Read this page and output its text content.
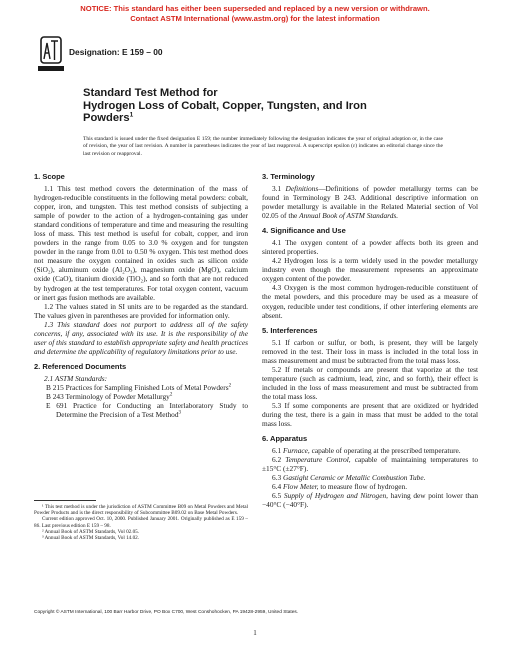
NOTICE: This standard has either been superseded and replaced by a new version or withdrawn.
Contact ASTM International (www.astm.org) for the latest information
Designation: E 159 – 00
Standard Test Method for
Hydrogen Loss of Cobalt, Copper, Tungsten, and Iron
Powders$^1$
This standard is issued under the fixed designation E 159; the number immediately following the designation indicates the year of original adoption or, in the case of revision, the year of last revision. A number in parentheses indicates the year of last reapproval. A superscript epsilon (ε) indicates an editorial change since the last revision or reapproval.
1. Scope

1.1 This test method covers the determination of the mass of hydrogen-reducible constituents in the following metal powders: cobalt, copper, iron, and tungsten. This test method consists of subjecting a sample of powder to the action of a hydrogen-containing gas under standard conditions of temperature and time and measuring the resulting loss of mass. This test method is useful for cobalt, copper, and iron powders in the range from 0.05 to 3.0 % oxygen and for tungsten powder in the range from 0.01 to 0.50 % oxygen. This test method does not measure the oxygen contained in oxides such as silicon oxide (SiO₂), aluminum oxide (Al₂O₃), magnesium oxide (MgO), calcium oxide (CaO), titanium dioxide (TiO₂), and so forth that are not reduced by hydrogen at the test temperatures. For total oxygen content, vacuum or inert gas fusion methods are available.

1.2 The values stated in SI units are to be regarded as the standard. The values given in parentheses are provided for information only.

1.3 This standard does not purport to address all of the safety concerns, if any, associated with its use. It is the responsibility of the user of this standard to establish appropriate safety and health practices and determine the applicability of regulatory limitations prior to use.

2. Referenced Documents

2.1 ASTM Standards:

B 215 Practices for Sampling Finished Lots of Metal Powders$^2$

B 243 Terminology of Powder Metallurgy$^2$

E 691 Practice for Conducting an Interlaboratory Study to Determine the Precision of a Test Method$^3$

¹ This test method is under the jurisdiction of ASTM Committee B09 on Metal Powders and Metal Powder Products and is the direct responsibility of Subcommittee B09.02 on Base Metal Powders.

Current edition approved Oct. 10, 2000. Published January 2001. Originally published as E 159 – 86. Last previous edition E 159 – 98.

² Annual Book of ASTM Standards, Vol 02.05.

³ Annual Book of ASTM Standards, Vol 14.02.

3. Terminology

3.1 Definitions—Definitions of powder metallurgy terms can be found in Terminology B 243. Additional descriptive information on powder metallurgy is available in the Related Material section of Vol 02.05 of the Annual Book of ASTM Standards.

4. Significance and Use

4.1 The oxygen content of a powder affects both its green and sintered properties.

4.2 Hydrogen loss is a term widely used in the powder metallurgy industry even though the measurement represents an approximate oxygen content of the powder.

4.3 Oxygen is the most common hydrogen-reducible constituent of the metal powders, and this procedure may be used as a measure of oxygen, reducible under test conditions, if other interfering elements are absent.

5. Interferences

5.1 If carbon or sulfur, or both, is present, they will be largely removed in the test. Their loss in mass is included in the total loss in mass measurement and must be subtracted from the total mass loss.

5.2 If metals or compounds are present that vaporize at the test temperature (such as cadmium, lead, zinc, and so forth), their effect is included in the loss of mass measurement and must be subtracted from the total mass loss.

5.3 If some components are present that are oxidized or hydrided during the test, there is a gain in mass that must be added to the total mass loss.

6. Apparatus

6.1 Furnace, capable of operating at the prescribed temperature.

6.2 Temperature Control, capable of maintaining temperatures to ±15°C (±27°F).

6.3 Gastight Ceramic or Metallic Combustion Tube.

6.4 Flow Meter, to measure flow of hydrogen.

6.5 Supply of Hydrogen and Nitrogen, having dew point lower than −40°C (−40°F).

Copyright © ASTM International, 100 Barr Harbor Drive, PO Box C700, West Conshohocken, PA 19428-2959, United States.
1
